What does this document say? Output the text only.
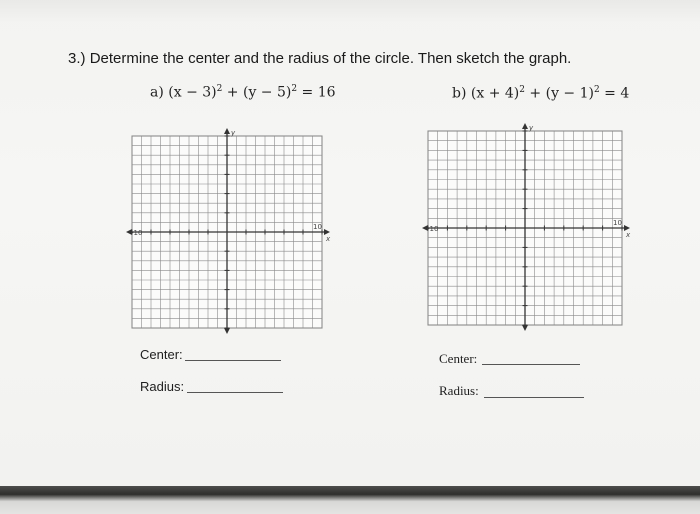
3.) Determine the center and the radius of the circle. Then sketch the graph.
a) $(x - 3)^2 + (y - 5)^2 = 16$	b) $(x + 4)^2 + (y - 1)^2 = 4$
x
y
-10
10
x
y
-10
10
Center:
Radius:
Center:
Radius:
